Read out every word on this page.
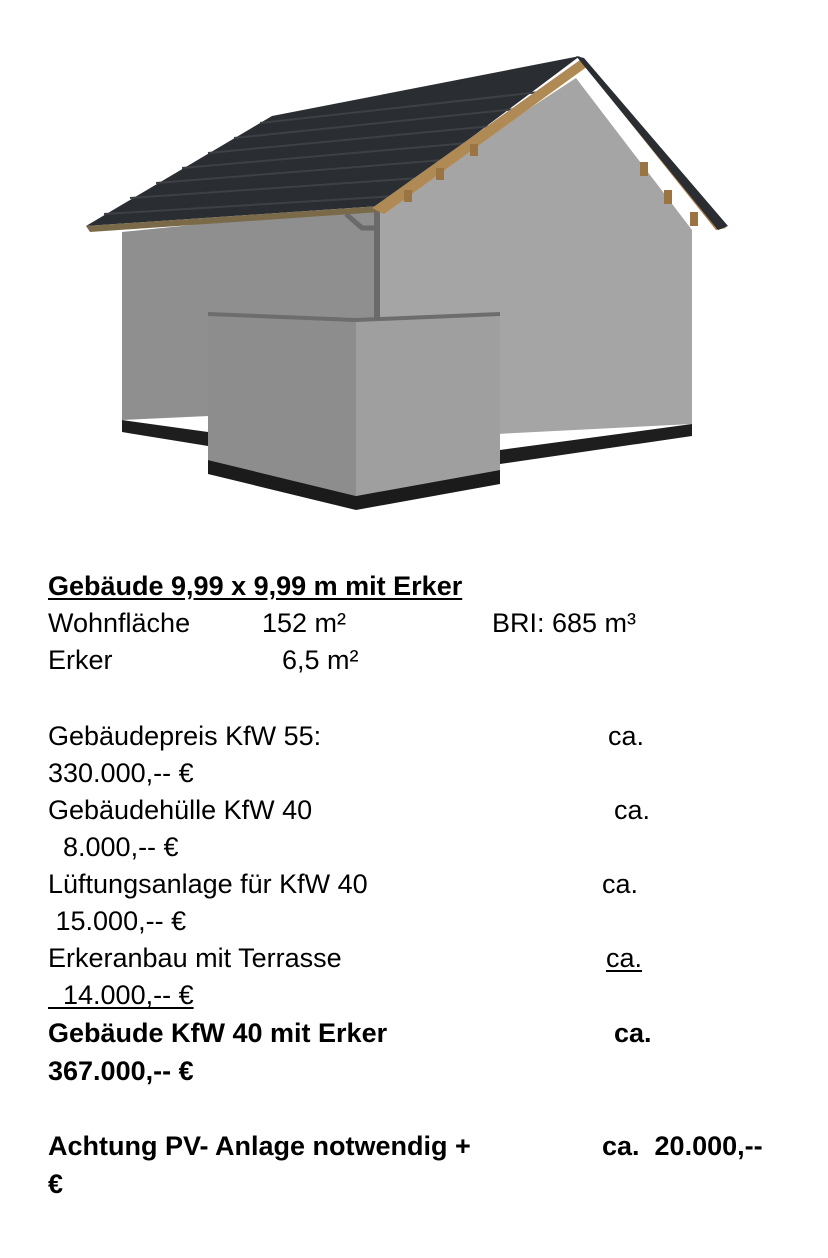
Gebäude 9,99 x 9,99 m mit Erker
Wohnfläche	152 m²	BRI: 685 m³
Erker	6,5 m²
Gebäudepreis KfW 55:	ca.
330.000,-- €
Gebäudehülle KfW 40	ca.
8.000,-- €
Lüftungsanlage für KfW 40	ca.
15.000,-- €
Erkeranbau mit Terrasse	ca.
14.000,-- €
Gebäude KfW 40 mit Erker	ca.
367.000,-- €
Achtung PV- Anlage notwendig +	ca.  20.000,--
€
